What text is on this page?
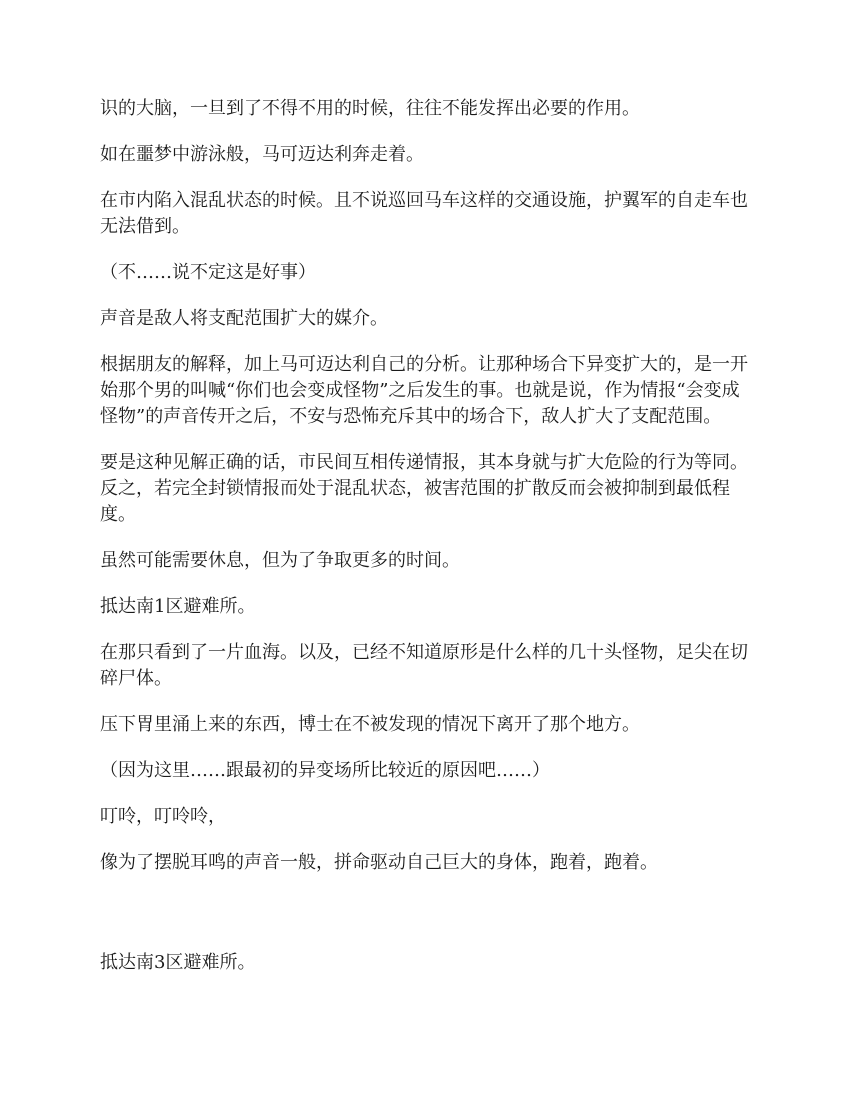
识的大脑，一旦到了不得不用的时候，往往不能发挥出必要的作用。

如在噩梦中游泳般，马可迈达利奔走着。

在市内陷入混乱状态的时候。且不说巡回马车这样的交通设施，护翼军的自走车也无法借到。

（不……说不定这是好事）

声音是敌人将支配范围扩大的媒介。

根据朋友的解释，加上马可迈达利自己的分析。让那种场合下异变扩大的，是一开始那个男的叫喊“你们也会变成怪物”之后发生的事。也就是说，作为情报“会变成怪物”的声音传开之后，不安与恐怖充斥其中的场合下，敌人扩大了支配范围。

要是这种见解正确的话，市民间互相传递情报，其本身就与扩大危险的行为等同。反之，若完全封锁情报而处于混乱状态，被害范围的扩散反而会被抑制到最低程度。

虽然可能需要休息，但为了争取更多的时间。

抵达南1区避难所。

在那只看到了一片血海。以及，已经不知道原形是什么样的几十头怪物，足尖在切碎尸体。

压下胃里涌上来的东西，博士在不被发现的情况下离开了那个地方。

（因为这里……跟最初的异变场所比较近的原因吧……）

叮呤，叮呤呤，

像为了摆脱耳鸣的声音一般，拼命驱动自己巨大的身体，跑着，跑着。

抵达南3区避难所。
